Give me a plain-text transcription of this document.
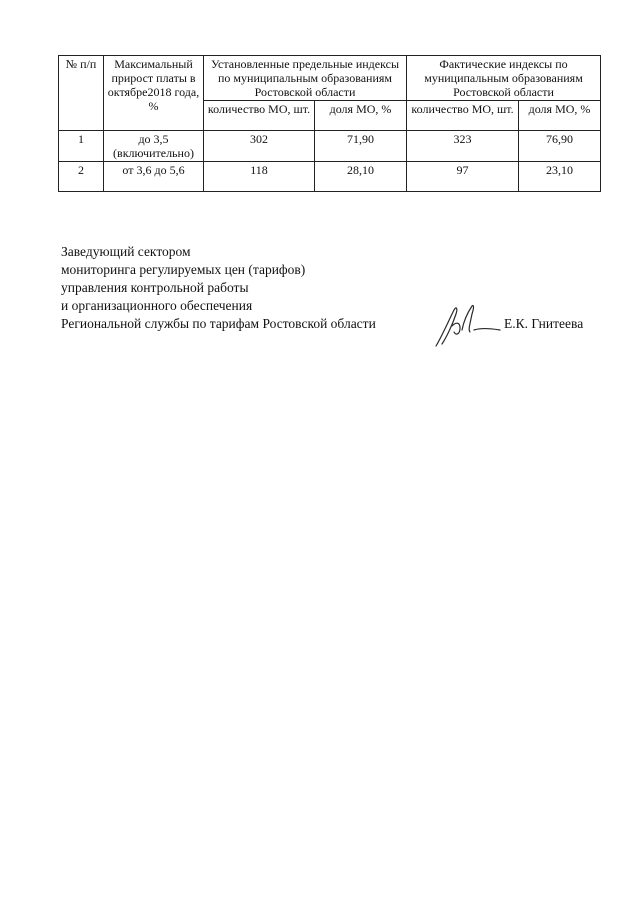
№ п/п	Максимальный прирост платы в октябре2018 года, %	Установленные предельные индексы по муниципальным образованиям Ростовской области		Фактические индексы по муниципальным образованиям Ростовской области	
		количество МО, шт.	доля МО, %	количество МО, шт.	доля МО, %
1	до 3,5 (включительно)	302	71,90	323	76,90
2	от 3,6 до 5,6	118	28,10	97	23,10
Заведующий сектором
мониторинга регулируемых цен (тарифов)
управления контрольной работы
и организационного обеспечения
Региональной службы по тарифам Ростовской области	Е.К. Гнитеева
